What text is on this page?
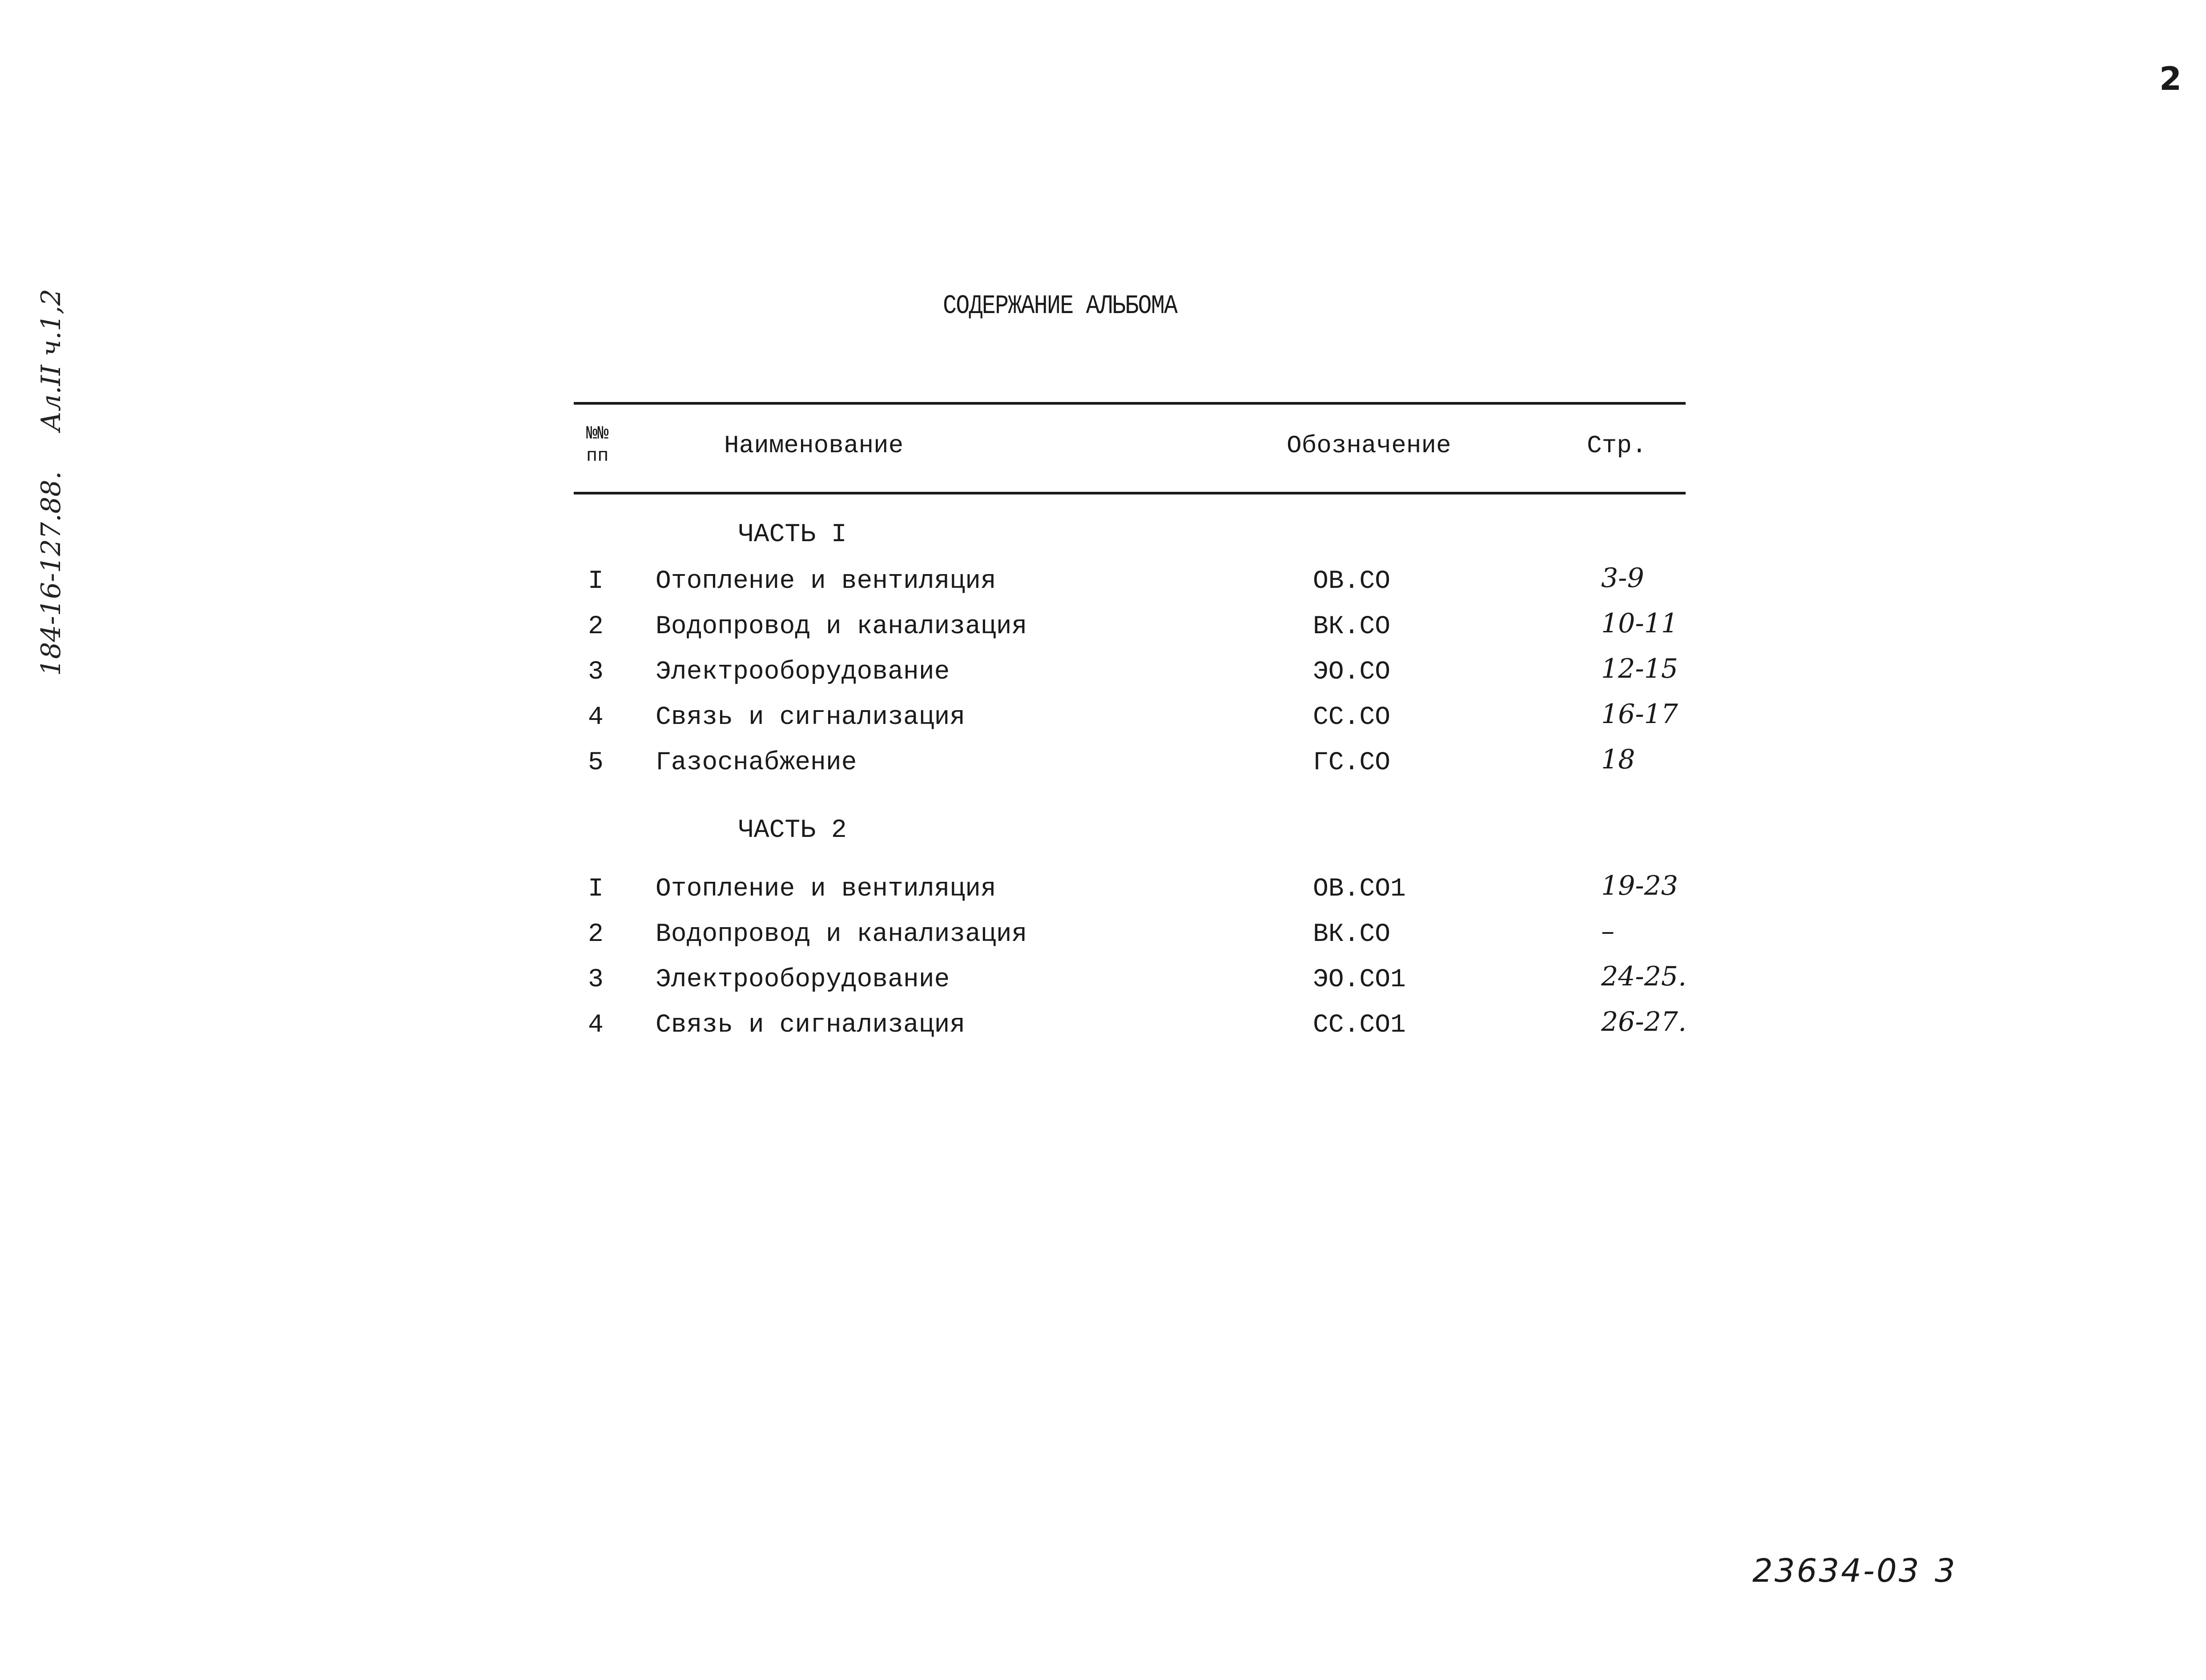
2
184-16-127.88. Ал.II ч.1,2	СОДЕРЖАНИЕ АЛЬБОМА
№№
пп	Наименование	Обозначение	Стр.
ЧАСТЬ I
I Отопление и вентиляция	ОВ.СО	3-9
2 Водопровод и канализация	ВК.СО	10-11
3 Электрооборудование	ЭО.СО	12-15
4 Связь и сигнализация	СС.СО	16-17
5 Газоснабжение	ГС.СО	18
ЧАСТЬ 2
I Отопление и вентиляция	ОВ.СО1	19-23
2 Водопровод и канализация	ВК.СО	–
3 Электрооборудование	ЭО.СО1	24-25.
4 Связь и сигнализация	СС.СО1	26-27.
23634-03 3
